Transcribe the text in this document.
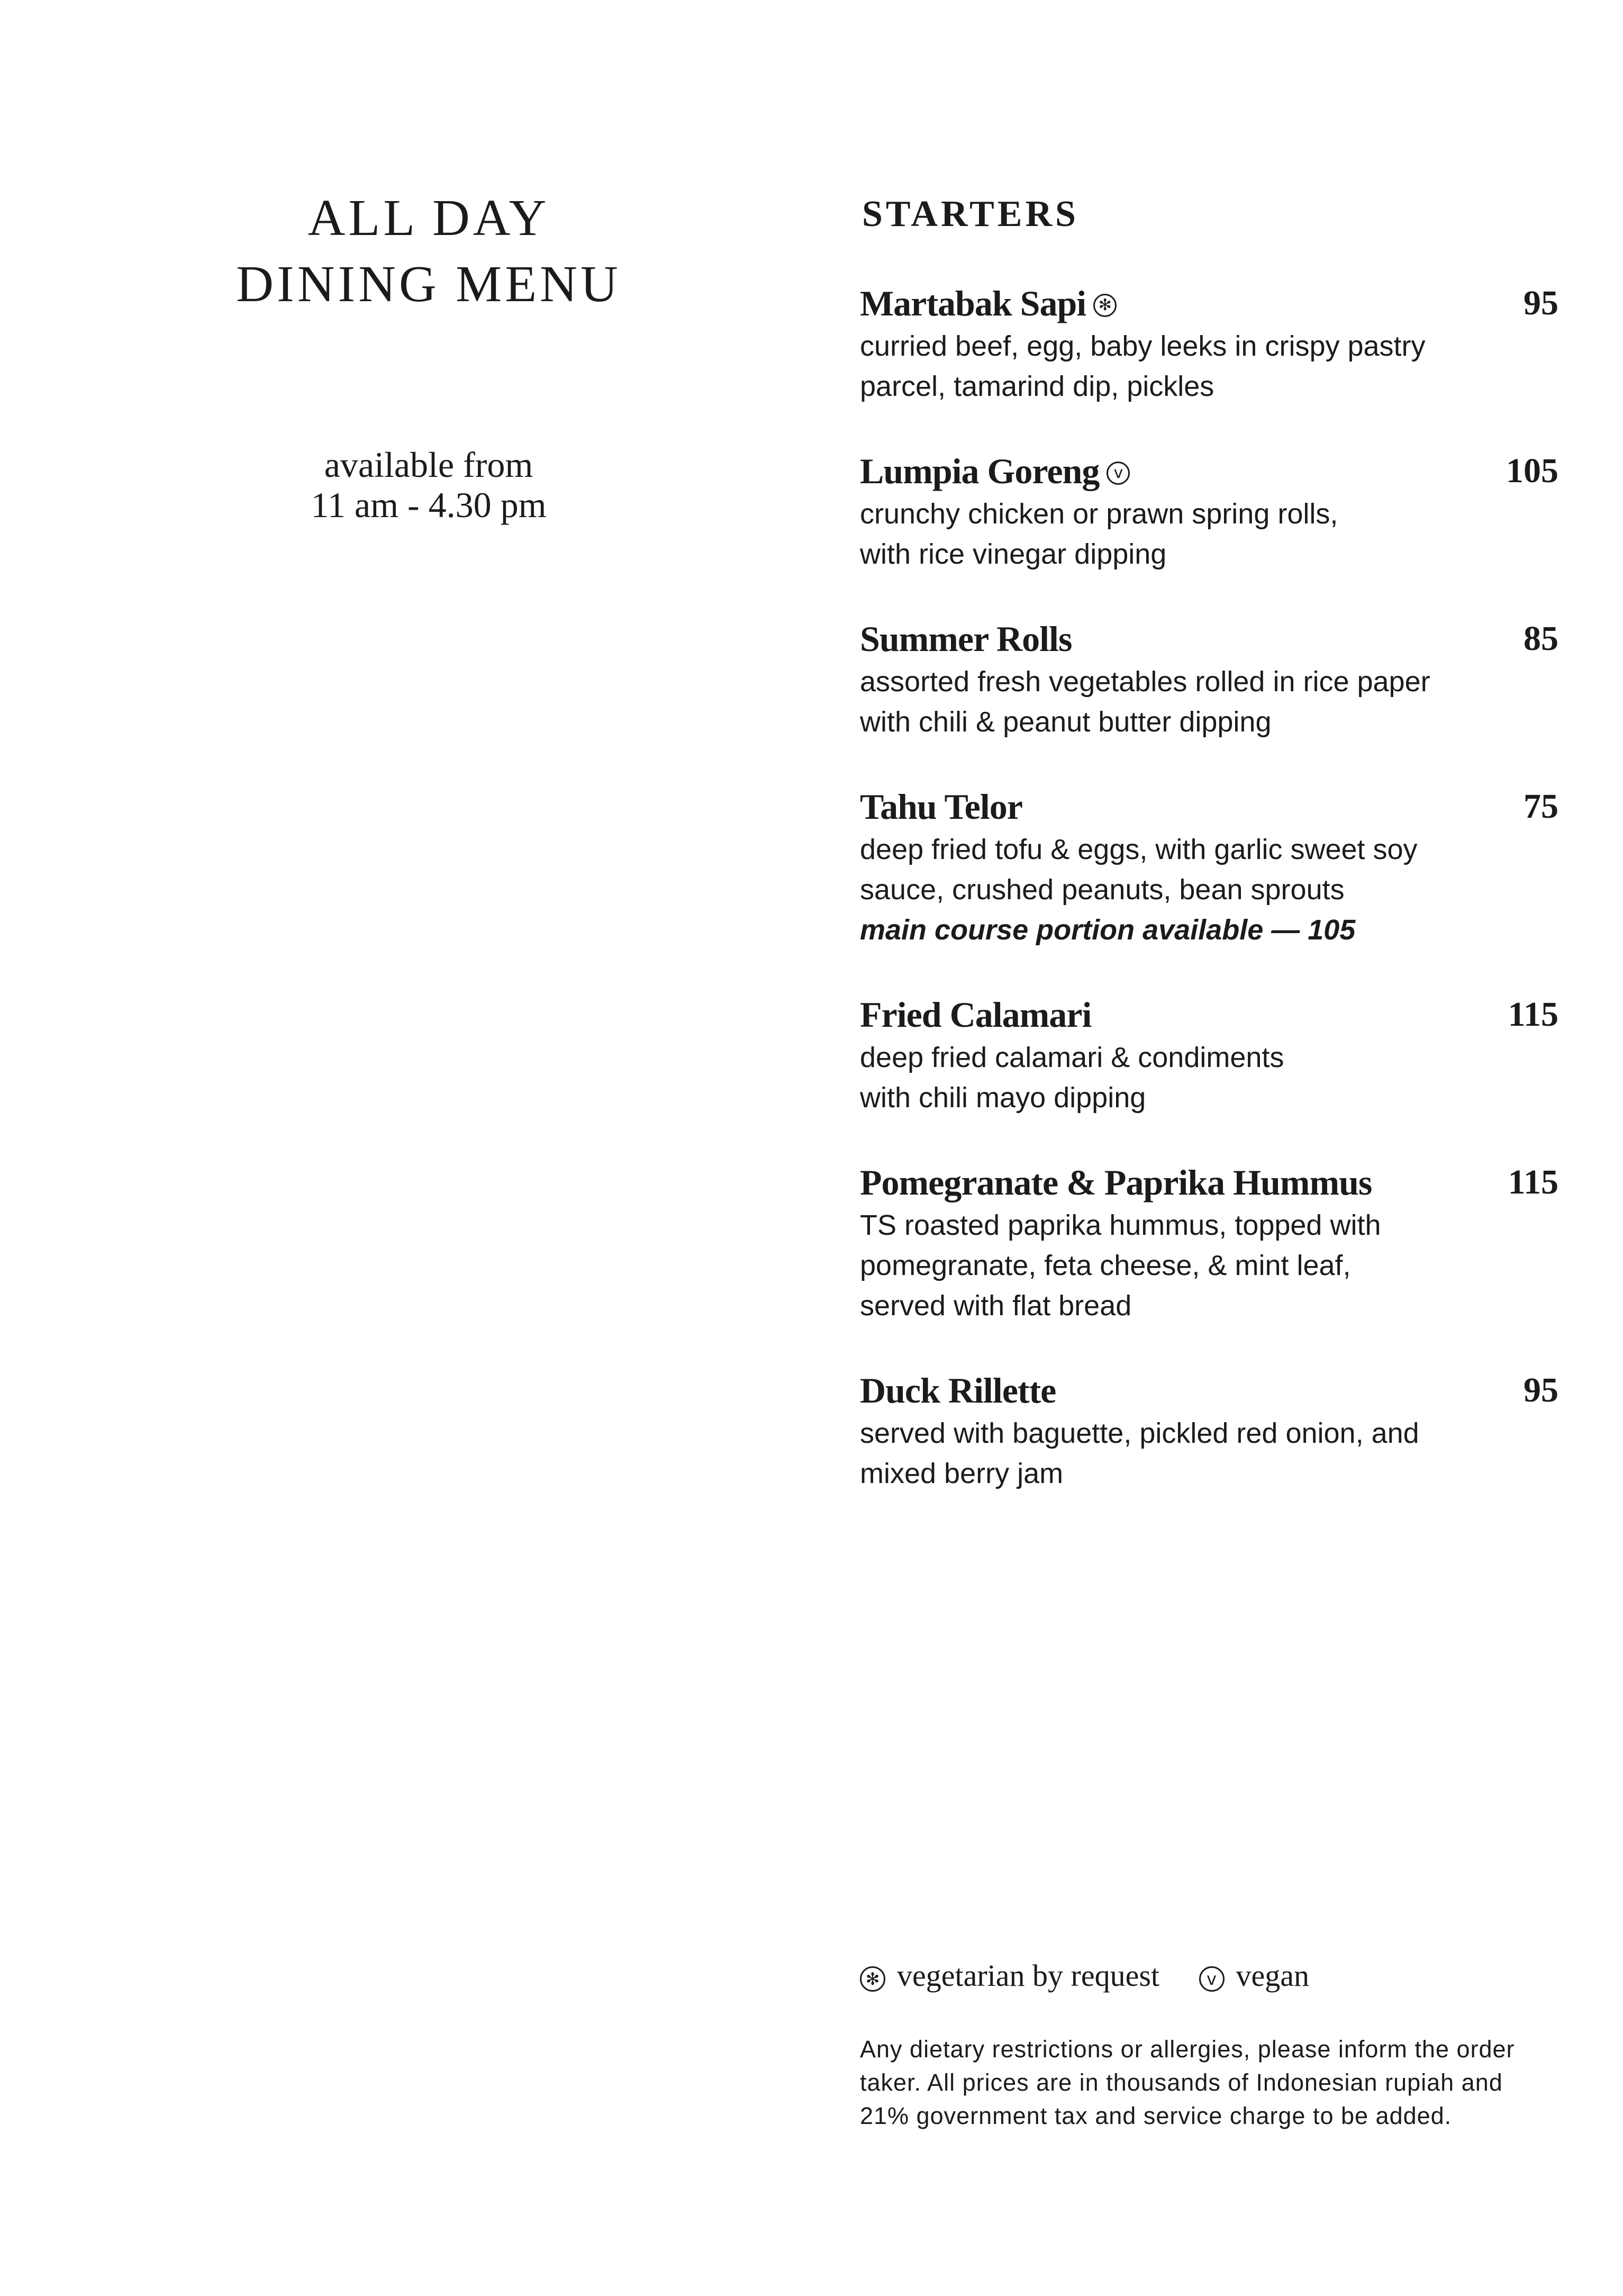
ALL DAY
DINING MENU
available from
11 am - 4.30 pm
STARTERS
Martabak Sapi ✻	95
curried beef, egg, baby leeks in crispy pastry
parcel, tamarind dip, pickles
Lumpia Goreng v	105
crunchy chicken or prawn spring rolls,
with rice vinegar dipping
Summer Rolls	85
assorted fresh vegetables rolled in rice paper
with chili & peanut butter dipping
Tahu Telor	75
deep fried tofu & eggs, with garlic sweet soy
sauce, crushed peanuts, bean sprouts
main course portion available — 105
Fried Calamari	115
deep fried calamari & condiments
with chili mayo dipping
Pomegranate & Paprika Hummus	115
TS roasted paprika hummus, topped with
pomegranate, feta cheese, & mint leaf,
served with flat bread
Duck Rillette	95
served with baguette, pickled red onion, and
mixed berry jam
✻ vegetarian by request	v vegan
Any dietary restrictions or allergies, please inform the order
taker. All prices are in thousands of Indonesian rupiah and
21% government tax and service charge to be added.
